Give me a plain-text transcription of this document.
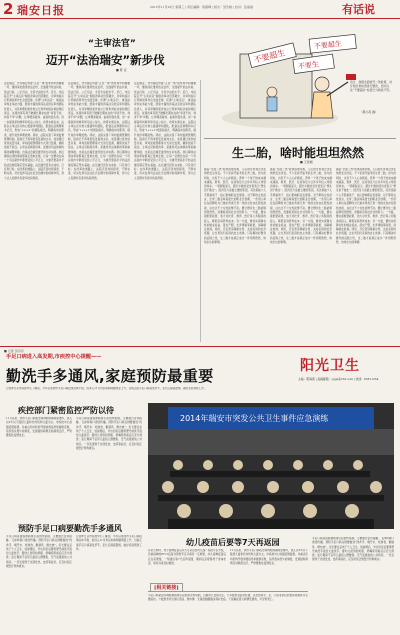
2 瑞安日报	2015年11月25日 星期三 | 责任编辑：徐超晴 | 版式：吴乐晓 | 校对：张丽丽	有话说
“主审法官”
迈开“法治瑞安”新步伐
■ 陈 宣
不要超生
不要生
不要超生
近日，我国全面放开二孩政策，对计划生育标语进行整改，因为以往“不要超生”标语已与新政不符。
（陈小英 画）
法治瑞安，作为瑞安市委“五位一体”的布局中的重要一环，继续深化推进依法治市，全面提升依法执政、依法行政、公正司法、全民守法的水平。近日，市法院召开“主审法官”制度改革动员部署会，对审判权运行机制改革作出全面安排。所谓“主审法官”，就是由审判业务能力强、经验丰富的资深法官担任审判团队负责人，对其审理的案件独立行使审判权并承担相应责任。这项改革有利于破解长期存在的“审者不判、判者不审”问题，让审理者裁判、由裁判者负责，进一步提高审判效率和司法公信力。改革实施以来，法院以主审法官为核心组建审判团队，配备法官助理和书记员，形成“1+1+1”的团队模式，明确各岗位职责，提升案件审理质效。同时，法院完善了审判监督管理机制，院庭长不再审批签发裁判文书，而是通过案件质量评查、审判流程管理等方式进行监督，确保放权不放任。主审法官制度改革，是推进司法体制改革的重要举措，也是法治瑞安建设的生动实践。我们期待这项改革能够真正落地生根，让每一位群众在每一个司法案件中都感受到公平正义，为建设更高水平的法治瑞安奠定坚实基础。法治建设没有完成时，只有进行时。在改革的道路上，法院还需持续探索、不断完善，切实发挥司法在社会治理中的保障作用，努力让人民群众有更多的获得感。
法治瑞安，作为瑞安市委“五位一体”的布局中的重要一环，继续深化推进依法治市，全面提升依法执政、依法行政、公正司法、全民守法的水平。近日，市法院召开“主审法官”制度改革动员部署会，对审判权运行机制改革作出全面安排。所谓“主审法官”，就是由审判业务能力强、经验丰富的资深法官担任审判团队负责人，对其审理的案件独立行使审判权并承担相应责任。这项改革有利于破解长期存在的“审者不判、判者不审”问题，让审理者裁判、由裁判者负责，进一步提高审判效率和司法公信力。改革实施以来，法院以主审法官为核心组建审判团队，配备法官助理和书记员，形成“1+1+1”的团队模式，明确各岗位职责，提升案件审理质效。同时，法院完善了审判监督管理机制，院庭长不再审批签发裁判文书，而是通过案件质量评查、审判流程管理等方式进行监督，确保放权不放任。主审法官制度改革，是推进司法体制改革的重要举措，也是法治瑞安建设的生动实践。我们期待这项改革能够真正落地生根，让每一位群众在每一个司法案件中都感受到公平正义，为建设更高水平的法治瑞安奠定坚实基础。法治建设没有完成时，只有进行时。在改革的道路上，法院还需持续探索、不断完善，切实发挥司法在社会治理中的保障作用，努力让人民群众有更多的获得感。
法治瑞安，作为瑞安市委“五位一体”的布局中的重要一环，继续深化推进依法治市，全面提升依法执政、依法行政、公正司法、全民守法的水平。近日，市法院召开“主审法官”制度改革动员部署会，对审判权运行机制改革作出全面安排。所谓“主审法官”，就是由审判业务能力强、经验丰富的资深法官担任审判团队负责人，对其审理的案件独立行使审判权并承担相应责任。这项改革有利于破解长期存在的“审者不判、判者不审”问题，让审理者裁判、由裁判者负责，进一步提高审判效率和司法公信力。改革实施以来，法院以主审法官为核心组建审判团队，配备法官助理和书记员，形成“1+1+1”的团队模式，明确各岗位职责，提升案件审理质效。同时，法院完善了审判监督管理机制，院庭长不再审批签发裁判文书，而是通过案件质量评查、审判流程管理等方式进行监督，确保放权不放任。主审法官制度改革，是推进司法体制改革的重要举措，也是法治瑞安建设的生动实践。我们期待这项改革能够真正落地生根，让每一位群众在每一个司法案件中都感受到公平正义，为建设更高水平的法治瑞安奠定坚实基础。法治建设没有完成时，只有进行时。在改革的道路上，法院还需持续探索、不断完善，切实发挥司法在社会治理中的保障作用，努力让人民群众有更多的获得感。
生二胎，啥时能坦坦然然
■ 王艳刚
随着“全面二孩”政策落地实施，人们的生育观念也在悄然发生改变。不少家庭开始考虑生育二胎，但与此同时，也有不少人心存顾虑。养育一个孩子的成本越来越高，教育、医疗、住房等压力让许多年轻父母望而却步。一项调查显示，超过半数的受访者表示“想生但不敢生”。经济压力是最主要的原因，其次是缺少人手照看孩子、担心影响职业发展等。对于职场女性而言，生育二胎意味着更长的职业空档期，一些用人单位在招聘时对已婚未育或已育一孩的女性存在隐性歧视，这也让不少女性犹豫不决。要让群众生二胎能够坦坦然然，需要政府和社会共同努力。一方面，要完善配套政策，加大对托育、教育、医疗等公共服务的投入，降低家庭养育成本；另一方面，要切实保障女性的就业权益，落实产假、生育津贴等政策，消除就业歧视。同时，还应营造尊重生育、关爱家庭的社会氛围，让生育回归家庭的自主选择。只有解决好群众的后顾之忧，生二胎才能真正成为一件坦坦然然、快快乐乐的事情。
随着“全面二孩”政策落地实施，人们的生育观念也在悄然发生改变。不少家庭开始考虑生育二胎，但与此同时，也有不少人心存顾虑。养育一个孩子的成本越来越高，教育、医疗、住房等压力让许多年轻父母望而却步。一项调查显示，超过半数的受访者表示“想生但不敢生”。经济压力是最主要的原因，其次是缺少人手照看孩子、担心影响职业发展等。对于职场女性而言，生育二胎意味着更长的职业空档期，一些用人单位在招聘时对已婚未育或已育一孩的女性存在隐性歧视，这也让不少女性犹豫不决。要让群众生二胎能够坦坦然然，需要政府和社会共同努力。一方面，要完善配套政策，加大对托育、教育、医疗等公共服务的投入，降低家庭养育成本；另一方面，要切实保障女性的就业权益，落实产假、生育津贴等政策，消除就业歧视。同时，还应营造尊重生育、关爱家庭的社会氛围，让生育回归家庭的自主选择。只有解决好群众的后顾之忧，生二胎才能真正成为一件坦坦然然、快快乐乐的事情。
随着“全面二孩”政策落地实施，人们的生育观念也在悄然发生改变。不少家庭开始考虑生育二胎，但与此同时，也有不少人心存顾虑。养育一个孩子的成本越来越高，教育、医疗、住房等压力让许多年轻父母望而却步。一项调查显示，超过半数的受访者表示“想生但不敢生”。经济压力是最主要的原因，其次是缺少人手照看孩子、担心影响职业发展等。对于职场女性而言，生育二胎意味着更长的职业空档期，一些用人单位在招聘时对已婚未育或已育一孩的女性存在隐性歧视，这也让不少女性犹豫不决。要让群众生二胎能够坦坦然然，需要政府和社会共同努力。一方面，要完善配套政策，加大对托育、教育、医疗等公共服务的投入，降低家庭养育成本；另一方面，要切实保障女性的就业权益，落实产假、生育津贴等政策，消除就业歧视。同时，还应营造尊重生育、关爱家庭的社会氛围，让生育回归家庭的自主选择。只有解决好群众的后顾之忧，生二胎才能真正成为一件坦坦然然、快快乐乐的事情。
■ 记者 吴丹丹
手足口病进入高发期,市疾控中心提醒——
勤洗手多通风,家庭预防最重要
阳光卫生
主编：陈海燕 | 投稿邮箱：yggs@163.com | 热线：65811234
记者昨日从市疾控中心了解到，今年以来我市手足口病疫情总体平稳，但进入11月份以来病例数明显上升，目前正值手足口病高发季节，家长应提高警惕，做好家庭预防工作。
疾控部门紧密监控严防以待
11月以来，我市手足口病报告病例较前期明显增多，患儿以5岁以下散居儿童和托幼机构儿童为主。市疾控中心加强疫情监测，对重点托幼机构开展消毒指导和健康宣教，指导落实晨午检制度，发现疑似病例及时隔离治疗，严防聚集性疫情发生。
手足口病是由肠道病毒引起的传染病，主要通过密切接触、飞沫和粪口途径传播。预防手足口病关键要做到“洗净手、喝开水、吃熟食、勤通风、晒衣被”。家长要注意孩子个人卫生，饭前便后、外出回家后要用肥皂或洗手液给儿童洗手；婴幼儿使用的奶瓶、奶嘴使用前后应充分清洗；流行期间不宜带儿童到人群聚集、空气流通差的公共场所。一旦发现孩子出现发热、皮疹等症状，应及时到正规医疗机构就诊。
预防手足口病要勤洗手多通风
手足口病是由肠道病毒引起的传染病，主要通过密切接触、飞沫和粪口途径传播。预防手足口病关键要做到“洗净手、喝开水、吃熟食、勤通风、晒衣被”。家长要注意孩子个人卫生，饭前便后、外出回家后要用肥皂或洗手液给儿童洗手；婴幼儿使用的奶瓶、奶嘴使用前后应充分清洗；流行期间不宜带儿童到人群聚集、空气流通差的公共场所。一旦发现孩子出现发热、皮疹等症状，应及时到正规医疗机构就诊。
记者昨日从市疾控中心了解到，今年以来我市手足口病疫情总体平稳，但进入11月份以来病例数明显上升，目前正值手足口病高发季节，家长应提高警惕，做好家庭预防工作。
2014年瑞安市突发公共卫生事件应急演练
幼儿疫苗后要等7天再返园
有家长询问，孩子接种疫苗后多久可以返回幼儿园？疾控专家介绍，目前接种的EV71疫苗对预防手足口病有一定效果，幼儿接种疫苗后应在家观察，一般建议等7天后再返园，期间注意观察孩子身体状况，如有异常及时就医。
11月以来，我市手足口病报告病例较前期明显增多，患儿以5岁以下散居儿童和托幼机构儿童为主。市疾控中心加强疫情监测，对重点托幼机构开展消毒指导和健康宣教，指导落实晨午检制度，发现疑似病例及时隔离治疗，严防聚集性疫情发生。
手足口病是由肠道病毒引起的传染病，主要通过密切接触、飞沫和粪口途径传播。预防手足口病关键要做到“洗净手、喝开水、吃熟食、勤通风、晒衣被”。家长要注意孩子个人卫生，饭前便后、外出回家后要用肥皂或洗手液给儿童洗手；婴幼儿使用的奶瓶、奶嘴使用前后应充分清洗；流行期间不宜带儿童到人群聚集、空气流通差的公共场所。一旦发现孩子出现发热、皮疹等症状，应及时到正规医疗机构就诊。
[相关链接]
手足口病是由多种肠道病毒引起的常见传染病，以婴幼儿发病为主。大多数患者症状轻微，以发热和手、足、口腔等部位的皮疹或疱疹为主要症状。少数患者可出现心肌炎、肺水肿、无菌性脑膜脑炎等并发症。个别重症患儿病情发展快，可导致死亡。
